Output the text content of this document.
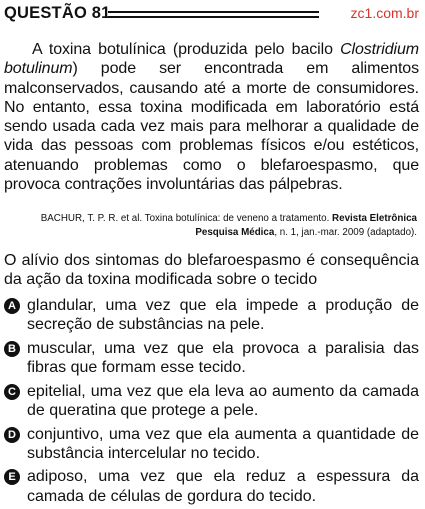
QUESTÃO 81	zc1.com.br

A toxina botulínica (produzida pelo bacilo Clostridium botulinum) pode ser encontrada em alimentos malconservados, causando até a morte de consumidores. No entanto, essa toxina modificada em laboratório está sendo usada cada vez mais para melhorar a qualidade de vida das pessoas com problemas físicos e/ou estéticos, atenuando problemas como o blefaroespasmo, que provoca contrações involuntárias das pálpebras.

BACHUR, T. P. R. et al. Toxina botulínica: de veneno a tratamento. Revista Eletrônica Pesquisa Médica, n. 1, jan.-mar. 2009 (adaptado).
O alívio dos sintomas do blefaroespasmo é consequência da ação da toxina modificada sobre o tecido
A glandular, uma vez que ela impede a produção de secreção de substâncias na pele.
B muscular, uma vez que ela provoca a paralisia das fibras que formam esse tecido.
C epitelial, uma vez que ela leva ao aumento da camada de queratina que protege a pele.
D conjuntivo, uma vez que ela aumenta a quantidade de substância intercelular no tecido.
E adiposo, uma vez que ela reduz a espessura da camada de células de gordura do tecido.
